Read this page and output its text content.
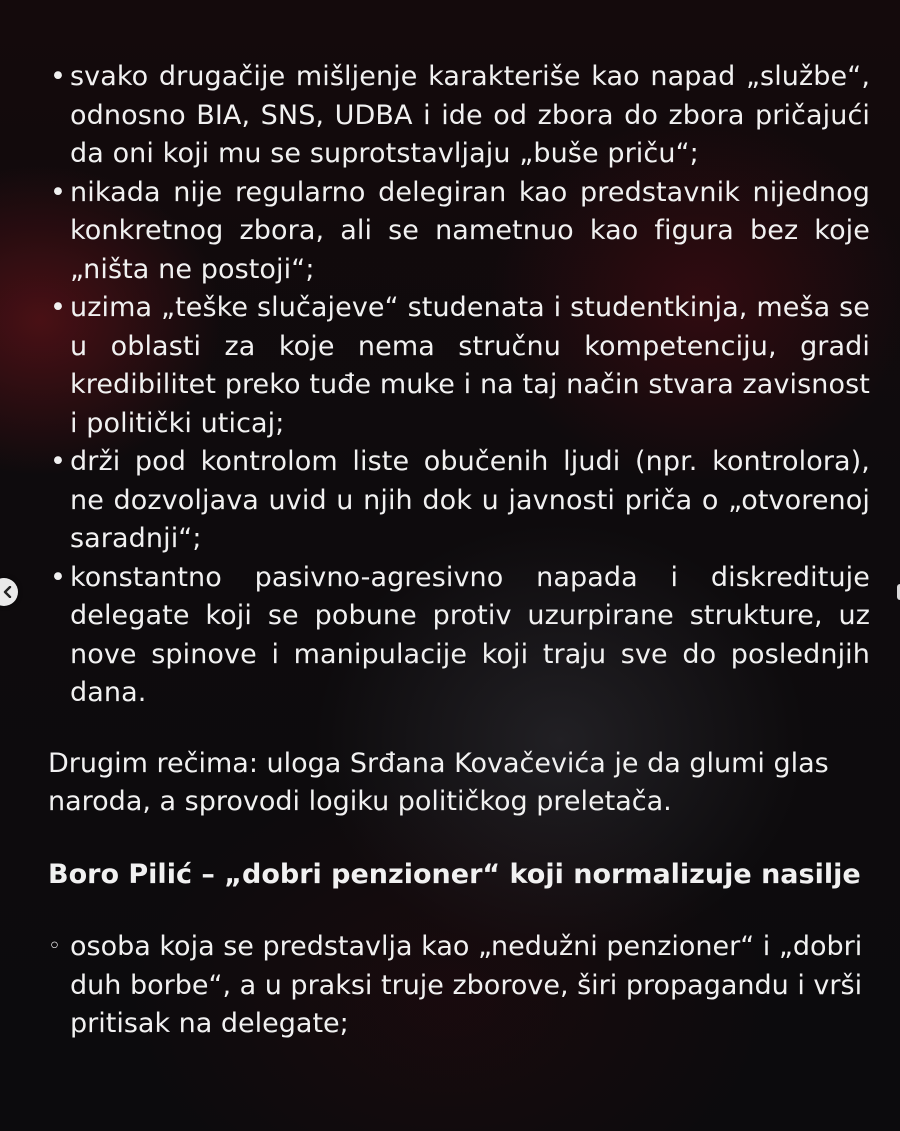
• svako drugačije mišljenje karakteriše kao napad „službe“, odnosno BIA, SNS, UDBA i ide od zbora do zbora pričajući da oni koji mu se suprotstavljaju „buše priču“;
• nikada nije regularno delegiran kao predstavnik nijednog konkretnog zbora, ali se nametnuo kao figura bez koje „ništa ne postoji“;
• uzima „teške slučajeve“ studenata i studentkinja, meša se u oblasti za koje nema stručnu kompetenciju, gradi kredibilitet preko tuđe muke i na taj način stvara zavisnost i politički uticaj;
• drži pod kontrolom liste obučenih ljudi (npr. kontrolora), ne dozvoljava uvid u njih dok u javnosti priča o „otvorenoj saradnji“;
• konstantno pasivno-agresivno napada i diskredituje delegate koji se pobune protiv uzurpirane strukture, uz nove spinove i manipulacije koji traju sve do poslednjih dana.

Drugim rečima: uloga Srđana Kovačevića je da glumi glas naroda, a sprovodi logiku političkog preletača.

Boro Pilić – „dobri penzioner“ koji normalizuje nasilje
◦ osoba koja se predstavlja kao „nedužni penzioner“ i „dobri duh borbe“, a u praksi truje zborove, širi propagandu i vrši pritisak na delegate;
